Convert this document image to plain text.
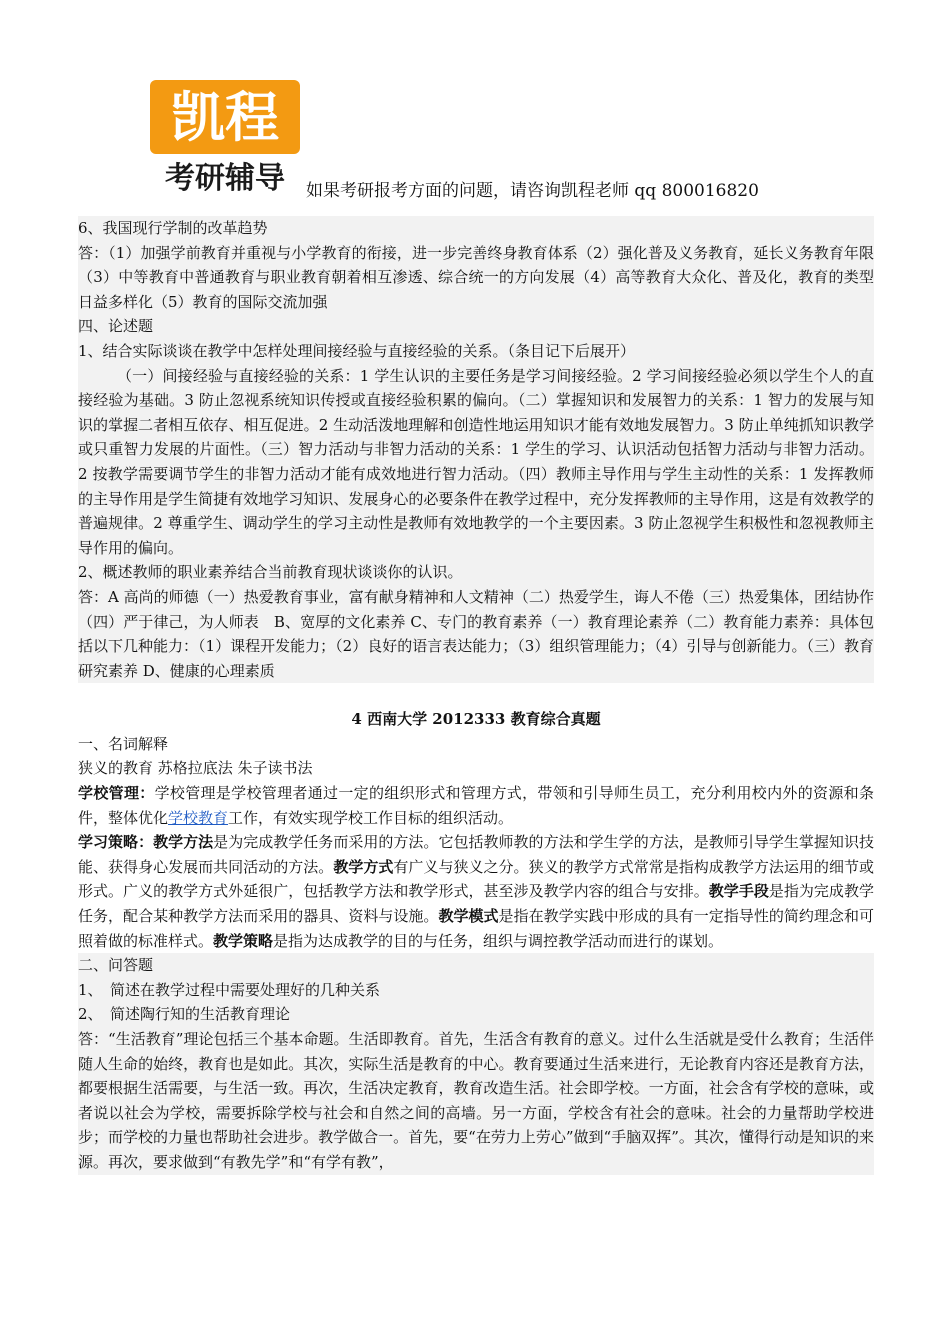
凯程
考研辅导 如果考研报考方面的问题，请咨询凯程老师 qq 800016820

6、我国现行学制的改革趋势

答：（1）加强学前教育并重视与小学教育的衔接，进一步完善终身教育体系（2）强化普及义务教育，延长义务教育年限（3）中等教育中普通教育与职业教育朝着相互渗透、综合统一的方向发展（4）高等教育大众化、普及化，教育的类型日益多样化（5）教育的国际交流加强

四、论述题

1、结合实际谈谈在教学中怎样处理间接经验与直接经验的关系。（条目记下后展开）

（一）间接经验与直接经验的关系：1 学生认识的主要任务是学习间接经验。2 学习间接经验必须以学生个人的直接经验为基础。3 防止忽视系统知识传授或直接经验积累的偏向。（二）掌握知识和发展智力的关系：1 智力的发展与知识的掌握二者相互依存、相互促进。2 生动活泼地理解和创造性地运用知识才能有效地发展智力。3 防止单纯抓知识教学或只重智力发展的片面性。（三）智力活动与非智力活动的关系：1 学生的学习、认识活动包括智力活动与非智力活动。2 按教学需要调节学生的非智力活动才能有成效地进行智力活动。（四）教师主导作用与学生主动性的关系：1 发挥教师的主导作用是学生简捷有效地学习知识、发展身心的必要条件在教学过程中，充分发挥教师的主导作用，这是有效教学的普遍规律。2 尊重学生、调动学生的学习主动性是教师有效地教学的一个主要因素。3 防止忽视学生积极性和忽视教师主导作用的偏向。

2、概述教师的职业素养结合当前教育现状谈谈你的认识。

答：A 高尚的师德（一）热爱教育事业，富有献身精神和人文精神（二）热爱学生，诲人不倦（三）热爱集体，团结协作（四）严于律己，为人师表　B、宽厚的文化素养 C、专门的教育素养（一）教育理论素养（二）教育能力素养：具体包括以下几种能力：（1）课程开发能力；（2）良好的语言表达能力；（3）组织管理能力；（4）引导与创新能力。（三）教育研究素养 D、健康的心理素质

4 西南大学 2012333 教育综合真题

一、名词解释

狭义的教育 苏格拉底法 朱子读书法

学校管理：学校管理是学校管理者通过一定的组织形式和管理方式，带领和引导师生员工，充分利用校内外的资源和条件，整体优化学校教育工作，有效实现学校工作目标的组织活动。

学习策略：教学方法是为完成教学任务而采用的方法。它包括教师教的方法和学生学的方法，是教师引导学生掌握知识技能、获得身心发展而共同活动的方法。教学方式有广义与狭义之分。狭义的教学方式常常是指构成教学方法运用的细节或形式。广义的教学方式外延很广，包括教学方法和教学形式，甚至涉及教学内容的组合与安排。教学手段是指为完成教学任务，配合某种教学方法而采用的器具、资料与设施。教学模式是指在教学实践中形成的具有一定指导性的简约理念和可照着做的标准样式。教学策略是指为达成教学的目的与任务，组织与调控教学活动而进行的谋划。

二、问答题

1、　简述在教学过程中需要处理好的几种关系

2、　简述陶行知的生活教育理论

答：“生活教育”理论包括三个基本命题。生活即教育。首先，生活含有教育的意义。过什么生活就是受什么教育；生活伴随人生命的始终，教育也是如此。其次，实际生活是教育的中心。教育要通过生活来进行，无论教育内容还是教育方法，都要根据生活需要，与生活一致。再次，生活决定教育，教育改造生活。社会即学校。一方面，社会含有学校的意味，或者说以社会为学校，需要拆除学校与社会和自然之间的高墙。另一方面，学校含有社会的意味。社会的力量帮助学校进步；而学校的力量也帮助社会进步。教学做合一。首先，要“在劳力上劳心”做到“手脑双挥”。其次，懂得行动是知识的来源。再次，要求做到“有教先学”和“有学有教”，
